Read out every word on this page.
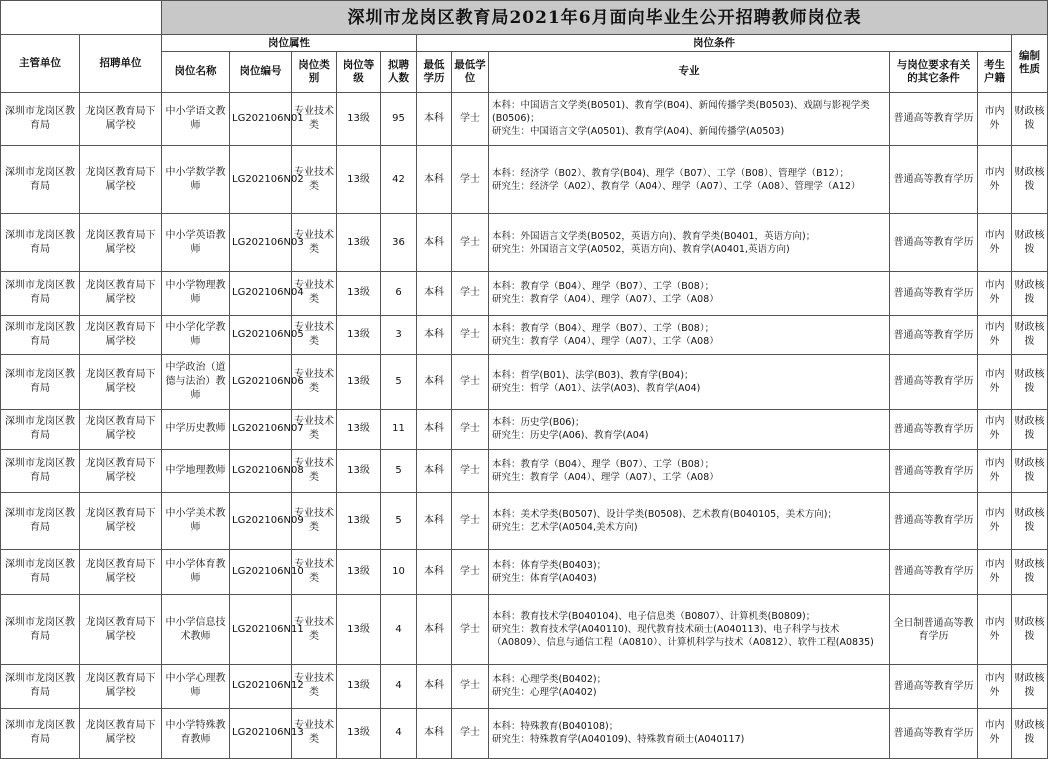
		深圳市龙岗区教育局2021年6月面向毕业生公开招聘教师岗位表										
主管单位	招聘单位	岗位属性					岗位条件					编制性质
		岗位名称	岗位编号	岗位类别	岗位等级	拟聘人数	最低学历	最低学位	专业	与岗位要求有关的其它条件	考生户籍	
深圳市龙岗区教育局	龙岗区教育局下属学校	中小学语文教师	LG202106N01	专业技术类	13级	95	本科	学士	本科：中国语言文学类(B0501)、教育学(B04)、新闻传播学类(B0503)、戏剧与影视学类(B0506)；
研究生：中国语言文学(A0501)、教育学(A04)、新闻传播学(A0503)	普通高等教育学历	市内外	财政核拨
深圳市龙岗区教育局	龙岗区教育局下属学校	中小学数学教师	LG202106N02	专业技术类	13级	42	本科	学士	本科：经济学（B02）、教育学(B04)、理学（B07）、工学（B08）、管理学（B12）；
研究生：经济学（A02）、教育学（A04）、理学（A07）、工学（A08）、管理学（A12）	普通高等教育学历	市内外	财政核拨
深圳市龙岗区教育局	龙岗区教育局下属学校	中小学英语教师	LG202106N03	专业技术类	13级	36	本科	学士	本科：外国语言文学类(B0502，英语方向)、教育学类(B0401，英语方向)；
研究生：外国语言文学(A0502，英语方向)、教育学(A0401,英语方向)	普通高等教育学历	市内外	财政核拨
深圳市龙岗区教育局	龙岗区教育局下属学校	中小学物理教师	LG202106N04	专业技术类	13级	6	本科	学士	本科：教育学（B04）、理学（B07）、工学（B08）；
研究生：教育学（A04）、理学（A07）、工学（A08）	普通高等教育学历	市内外	财政核拨
深圳市龙岗区教育局	龙岗区教育局下属学校	中小学化学教师	LG202106N05	专业技术类	13级	3	本科	学士	本科：教育学（B04）、理学（B07）、工学（B08）；
研究生：教育学（A04）、理学（A07）、工学（A08）	普通高等教育学历	市内外	财政核拨
深圳市龙岗区教育局	龙岗区教育局下属学校	中学政治（道德与法治）教师	LG202106N06	专业技术类	13级	5	本科	学士	本科：哲学(B01)、法学(B03)、教育学(B04)；
研究生：哲学（A01）、法学(A03)、教育学(A04)	普通高等教育学历	市内外	财政核拨
深圳市龙岗区教育局	龙岗区教育局下属学校	中学历史教师	LG202106N07	专业技术类	13级	11	本科	学士	本科：历史学(B06)；
研究生：历史学(A06)、教育学(A04)	普通高等教育学历	市内外	财政核拨
深圳市龙岗区教育局	龙岗区教育局下属学校	中学地理教师	LG202106N08	专业技术类	13级	5	本科	学士	本科：教育学（B04）、理学（B07）、工学（B08）；
研究生：教育学（A04）、理学（A07）、工学（A08）	普通高等教育学历	市内外	财政核拨
深圳市龙岗区教育局	龙岗区教育局下属学校	中小学美术教师	LG202106N09	专业技术类	13级	5	本科	学士	本科：美术学类(B0507)、设计学类(B0508)、艺术教育(B040105，美术方向)；
研究生：艺术学(A0504,美术方向)	普通高等教育学历	市内外	财政核拨
深圳市龙岗区教育局	龙岗区教育局下属学校	中小学体育教师	LG202106N10	专业技术类	13级	10	本科	学士	本科：体育学类(B0403)；
研究生：体育学(A0403)	普通高等教育学历	市内外	财政核拨
深圳市龙岗区教育局	龙岗区教育局下属学校	中小学信息技术教师	LG202106N11	专业技术类	13级	4	本科	学士	本科：教育技术学(B040104)、电子信息类（B0807）、计算机类(B0809)；
研究生：教育技术学(A040110)、现代教育技术硕士(A040113)、电子科学与技术（A0809）、信息与通信工程（A0810）、计算机科学与技术（A0812）、软件工程(A0835)	全日制普通高等教育学历	市内外	财政核拨
深圳市龙岗区教育局	龙岗区教育局下属学校	中小学心理教师	LG202106N12	专业技术类	13级	4	本科	学士	本科：心理学类(B0402)；
研究生：心理学(A0402)	普通高等教育学历	市内外	财政核拨
深圳市龙岗区教育局	龙岗区教育局下属学校	中小学特殊教育教师	LG202106N13	专业技术类	13级	4	本科	学士	本科：特殊教育(B040108)；
研究生：特殊教育学(A040109)、特殊教育硕士(A040117)	普通高等教育学历	市内外	财政核拨
